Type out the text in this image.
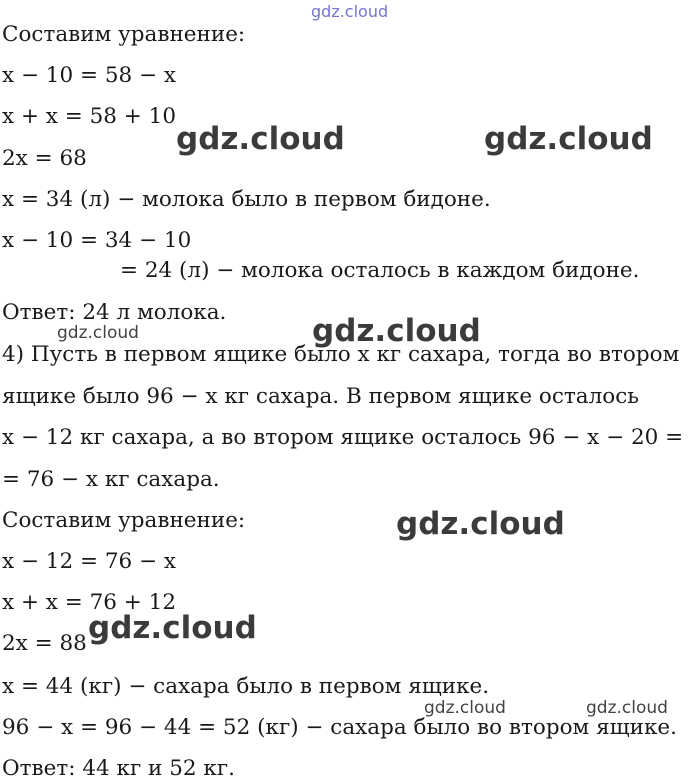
Составим уравнение:
x − 10 = 58 − x
x + x = 58 + 10
2x = 68
x = 34 (л) − молока было в первом бидоне.
x − 10 = 34 − 10
= 24 (л) − молока осталось в каждом бидоне.
Ответ: 24 л молока.
4) Пусть в первом ящике было x кг сахара, тогда во втором
ящике было 96 − x кг сахара. В первом ящике осталось
x − 12 кг сахара, а во втором ящике осталось 96 − x − 20 =
= 76 − x кг сахара.
Составим уравнение:
x − 12 = 76 − x
x + x = 76 + 12
2x = 88
x = 44 (кг) − сахара было в первом ящике.
96 − x = 96 − 44 = 52 (кг) − сахара было во втором ящике.
Ответ: 44 кг и 52 кг.
gdz.cloud
gdz.cloud	gdz.cloud
gdz.cloud	gdz.cloud
gdz.cloud
gdz.cloud
gdz.cloud	gdz.cloud
